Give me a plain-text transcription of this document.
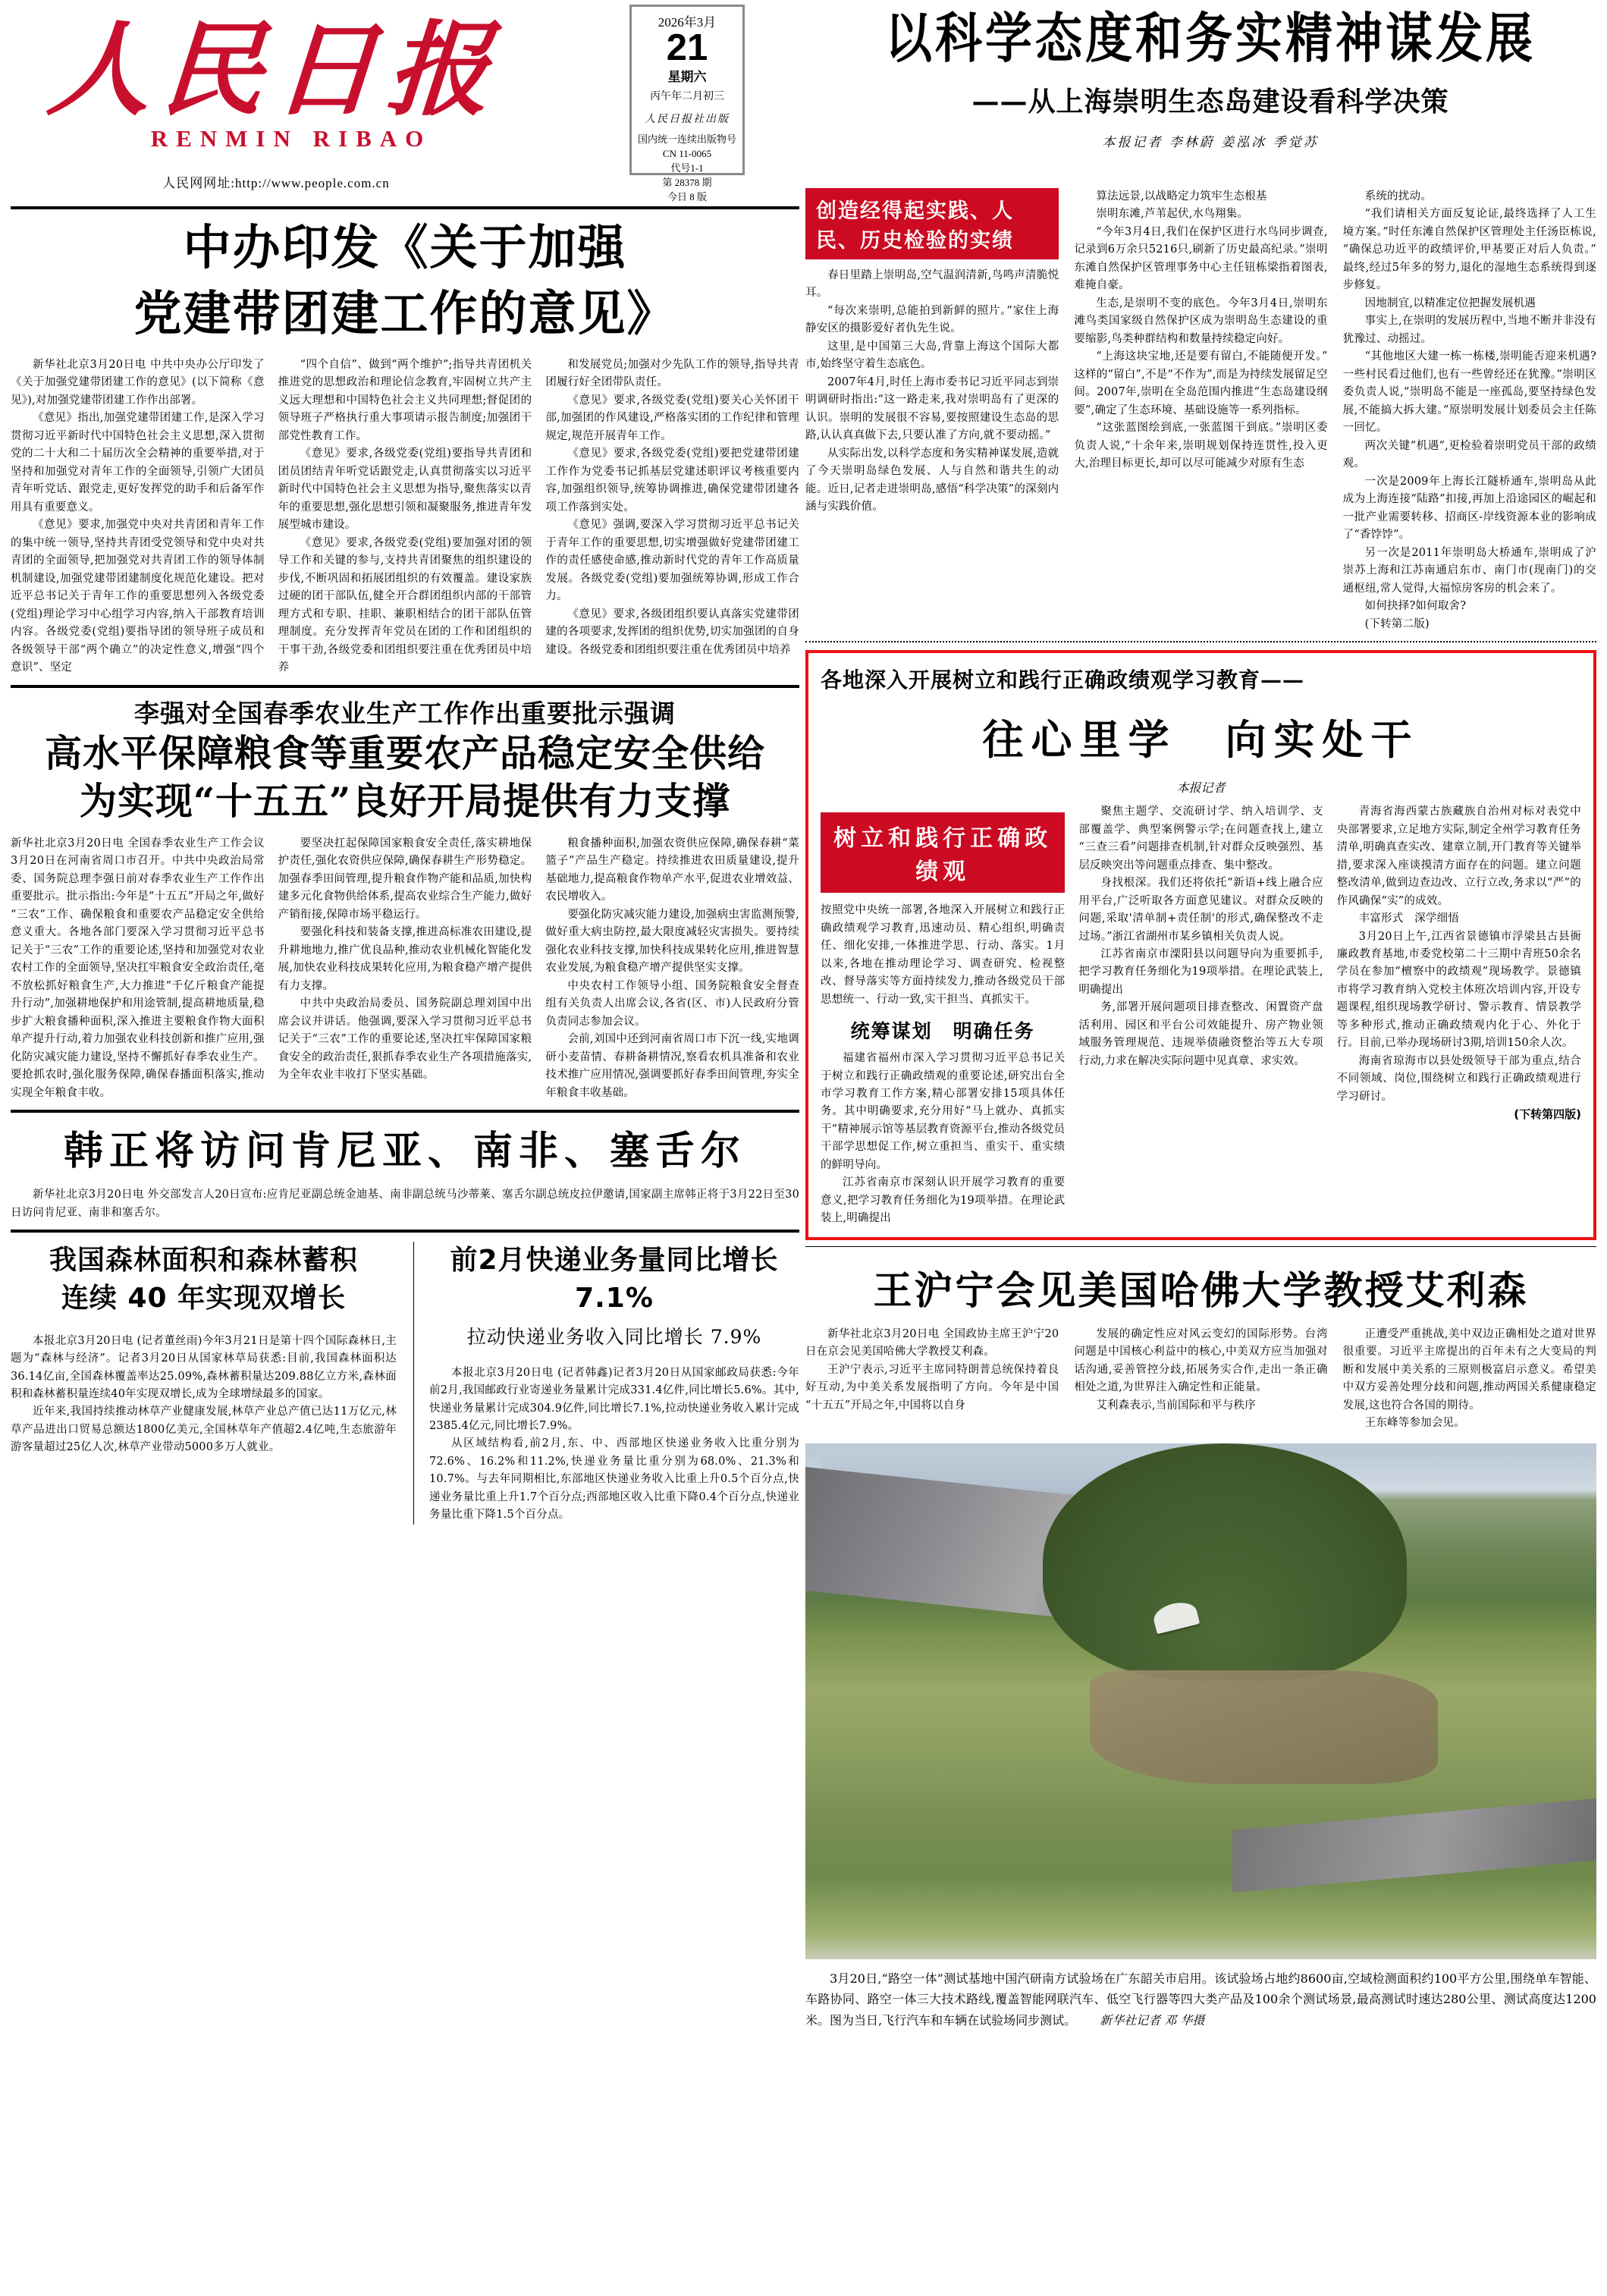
人民日报
RENMIN RIBAO
人民网网址:http://www.people.com.cn
2026年3月
21
星期六
丙午年二月初三
人民日报社出版
国内统一连续出版物号
CN 11-0065
代号1-1
第 28378 期
今日 8 版
以科学态度和务实精神谋发展
——从上海崇明生态岛建设看科学决策
本报记者 李林蔚 姜泓冰 季觉苏
中办印发《关于加强
党建带团建工作的意见》

新华社北京3月20日电 中共中央办公厅印发了《关于加强党建带团建工作的意见》(以下简称《意见》),对加强党建带团建工作作出部署。

《意见》指出,加强党建带团建工作,是深入学习贯彻习近平新时代中国特色社会主义思想,深入贯彻党的二十大和二十届历次全会精神的重要举措,对于坚持和加强党对青年工作的全面领导,引领广大团员青年听党话、跟党走,更好发挥党的助手和后备军作用具有重要意义。

《意见》要求,加强党中央对共青团和青年工作的集中统一领导,坚持共青团受党领导和党中央对共青团的全面领导,把加强党对共青团工作的领导体制机制建设,加强党建带团建制度化规范化建设。把对近平总书记关于青年工作的重要思想列入各级党委(党组)理论学习中心组学习内容,纳入干部教育培训内容。各级党委(党组)要指导团的领导班子成员和各级领导干部“两个确立”的决定性意义,增强“四个意识”、坚定

“四个自信”、做到“两个维护”;指导共青团机关推进党的思想政治和理论信念教育,牢固树立共产主义远大理想和中国特色社会主义共同理想;督促团的领导班子严格执行重大事项请示报告制度;加强团干部党性教育工作。

《意见》要求,各级党委(党组)要指导共青团和团员团结青年听党话跟党走,认真贯彻落实以习近平新时代中国特色社会主义思想为指导,聚焦落实以青年的重要思想,强化思想引领和凝聚服务,推进青年发展型城市建设。

《意见》要求,各级党委(党组)要加强对团的领导工作和关键的参与,支持共青团聚焦的组织建设的步伐,不断巩固和拓展团组织的有效覆盖。建设家族过硬的团干部队伍,健全开合群团组织内部的干部管理方式和专职、挂职、兼职相结合的团干部队伍管理制度。充分发挥青年党员在团的工作和团组织的干事干劲,各级党委和团组织要注重在优秀团员中培养

和发展党员;加强对少先队工作的领导,指导共青团履行好全团带队责任。

《意见》要求,各级党委(党组)要关心关怀团干部,加强团的作风建设,严格落实团的工作纪律和管理规定,规范开展青年工作。

《意见》要求,各级党委(党组)要把党建带团建工作作为党委书记抓基层党建述职评议考核重要内容,加强组织领导,统筹协调推进,确保党建带团建各项工作落到实处。

《意见》强调,要深入学习贯彻习近平总书记关于青年工作的重要思想,切实增强做好党建带团建工作的责任感使命感,推动新时代党的青年工作高质量发展。各级党委(党组)要加强统筹协调,形成工作合力。

《意见》要求,各级团组织要认真落实党建带团建的各项要求,发挥团的组织优势,切实加强团的自身建设。各级党委和团组织要注重在优秀团员中培养

李强对全国春季农业生产工作作出重要批示强调
高水平保障粮食等重要农产品稳定安全供给
为实现“十五五”良好开局提供有力支撑
新华社北京3月20日电 全国春季农业生产工作会议3月20日在河南省周口市召开。中共中央政治局常委、国务院总理李强日前对春季农业生产工作作出重要批示。批示指出:今年是“十五五”开局之年,做好“三农”工作、确保粮食和重要农产品稳定安全供给意义重大。各地各部门要深入学习贯彻习近平总书记关于“三农”工作的重要论述,坚持和加强党对农业农村工作的全面领导,坚决扛牢粮食安全政治责任,毫不放松抓好粮食生产,大力推进“千亿斤粮食产能提升行动”,加强耕地保护和用途管制,提高耕地质量,稳步扩大粮食播种面积,深入推进主要粮食作物大面积单产提升行动,着力加强农业科技创新和推广应用,强化防灾减灾能力建设,坚持不懈抓好春季农业生产。要抢抓农时,强化服务保障,确保春播面积落实,推动实现全年粮食丰收。

要坚决扛起保障国家粮食安全责任,落实耕地保护责任,强化农资供应保障,确保春耕生产形势稳定。加强春季田间管理,提升粮食作物产能和品质,加快构建多元化食物供给体系,提高农业综合生产能力,做好产销衔接,保障市场平稳运行。

要强化科技和装备支撑,推进高标准农田建设,提升耕地地力,推广优良品种,推动农业机械化智能化发展,加快农业科技成果转化应用,为粮食稳产增产提供有力支撑。

中共中央政治局委员、国务院副总理刘国中出席会议并讲话。他强调,要深入学习贯彻习近平总书记关于“三农”工作的重要论述,坚决扛牢保障国家粮食安全的政治责任,狠抓春季农业生产各项措施落实,为全年农业丰收打下坚实基础。

粮食播种面积,加强农资供应保障,确保春耕“菜篮子”产品生产稳定。持续推进农田质量建设,提升基础地力,提高粮食作物单产水平,促进农业增效益、农民增收入。

要强化防灾减灾能力建设,加强病虫害监测预警,做好重大病虫防控,最大限度减轻灾害损失。要持续强化农业科技支撑,加快科技成果转化应用,推进智慧农业发展,为粮食稳产增产提供坚实支撑。

中央农村工作领导小组、国务院粮食安全督查组有关负责人出席会议,各省(区、市)人民政府分管负责同志参加会议。

会前,刘国中还到河南省周口市下沉一线,实地调研小麦苗情、春耕备耕情况,察看农机具准备和农业技术推广应用情况,强调要抓好春季田间管理,夯实全年粮食丰收基础。

韩正将访问肯尼亚、南非、塞舌尔
新华社北京3月20日电 外交部发言人20日宣布:应肯尼亚副总统金迪基、南非副总统马沙蒂莱、塞舌尔副总统皮拉伊邀请,国家副主席韩正将于3月22日至30日访问肯尼亚、南非和塞舌尔。
我国森林面积和森林蓄积
连续 40 年实现双增长

本报北京3月20日电 (记者董丝雨)今年3月21日是第十四个国际森林日,主题为“森林与经济”。记者3月20日从国家林草局获悉:目前,我国森林面积达36.14亿亩,全国森林覆盖率达25.09%,森林蓄积量达209.88亿立方米,森林面积和森林蓄积量连续40年实现双增长,成为全球增绿最多的国家。

近年来,我国持续推动林草产业健康发展,林草产业总产值已达11万亿元,林草产品进出口贸易总额达1800亿美元,全国林草年产值超2.4亿吨,生态旅游年游客量超过25亿人次,林草产业带动5000多万人就业。

前2月快递业务量同比增长7.1%
拉动快递业务收入同比增长 7.9%

本报北京3月20日电 (记者韩鑫)记者3月20日从国家邮政局获悉:今年前2月,我国邮政行业寄递业务量累计完成331.4亿件,同比增长5.6%。其中,快递业务量累计完成304.9亿件,同比增长7.1%,拉动快递业务收入累计完成2385.4亿元,同比增长7.9%。

从区域结构看,前2月,东、中、西部地区快递业务收入比重分别为72.6%、16.2%和11.2%,快递业务量比重分别为68.0%、21.3%和10.7%。与去年同期相比,东部地区快递业务收入比重上升0.5个百分点,快递业务量比重上升1.7个百分点;西部地区收入比重下降0.4个百分点,快递业务量比重下降1.5个百分点。

创造经得起实践、人民、历史检验的实绩

春日里踏上崇明岛,空气温润清新,鸟鸣声清脆悦耳。

“每次来崇明,总能拍到新鲜的照片。”家住上海静安区的摄影爱好者仇先生说。

这里,是中国第三大岛,背靠上海这个国际大都市,始终坚守着生态底色。

2007年4月,时任上海市委书记习近平同志到崇明调研时指出:“这一路走来,我对崇明岛有了更深的认识。崇明的发展很不容易,要按照建设生态岛的思路,认认真真做下去,只要认准了方向,就不要动摇。”

从实际出发,以科学态度和务实精神谋发展,造就了今天崇明岛绿色发展、人与自然和谐共生的动能。近日,记者走进崇明岛,感悟“科学决策”的深刻内涵与实践价值。

算法远景,以战略定力筑牢生态根基

崇明东滩,芦苇起伏,水鸟翔集。

“今年3月4日,我们在保护区进行水鸟同步调查,记录到6万余只5216只,刷新了历史最高纪录。”崇明东滩自然保护区管理事务中心主任钮栋梁指着图表,难掩自豪。

生态,是崇明不变的底色。今年3月4日,崇明东滩鸟类国家级自然保护区成为崇明岛生态建设的重要缩影,鸟类种群结构和数量持续稳定向好。

“上海这块宝地,还是要有留白,不能随便开发。”这样的“留白”,不是“不作为”,而是为持续发展留足空间。2007年,崇明在全岛范围内推进“生态岛建设纲要”,确定了生态环境、基础设施等一系列指标。

“这张蓝图绘到底,一张蓝图干到底。”崇明区委负责人说,“十余年来,崇明规划保持连贯性,投入更大,治理目标更长,却可以尽可能减少对原有生态

系统的扰动。

“我们请相关方面反复论证,最终选择了人工生境方案。”时任东滩自然保护区管理处主任汤臣栋说,“确保总功近平的政绩评价,甲基要正对后人负责。”最终,经过5年多的努力,退化的湿地生态系统得到逐步修复。

因地制宜,以精准定位把握发展机遇

事实上,在崇明的发展历程中,当地不断并非没有犹豫过、动摇过。

“其他地区大建一栋一栋楼,崇明能否迎来机遇?一些村民看过他们,也有一些曾经还在犹豫。”崇明区委负责人说,“崇明岛不能是一座孤岛,要坚持绿色发展,不能搞大拆大建。”原崇明发展计划委员会主任陈一回忆。

两次关键“机遇”,更检验着崇明党员干部的政绩观。

一次是2009年上海长江隧桥通车,崇明岛从此成为上海连接“陆路”扣接,再加上沿途园区的崛起和一批产业需要转移、招商区-岸线资源本业的影响成了“香饽饽”。

另一次是2011年崇明岛大桥通车,崇明成了沪崇苏上海和江苏南通启东市、南门市(现南门)的交通枢纽,常人觉得,大福惊房客房的机会来了。

如何抉择?如何取舍?

(下转第二版)

各地深入开展树立和践行正确政绩观学习教育——
往心里学　向实处干
本报记者
树立和践行正确政绩观
按照党中央统一部署,各地深入开展树立和践行正确政绩观学习教育,迅速动员、精心组织,明确责任、细化安排,一体推进学思、行动、落实。1月以来,各地在推动理论学习、调查研究、检视整改、督导落实等方面持续发力,推动各级党员干部思想统一、行动一致,实干担当、真抓实干。
统筹谋划　明确任务

福建省福州市深入学习贯彻习近平总书记关于树立和践行正确政绩观的重要论述,研究出台全市学习教育工作方案,精心部署安排15项具体任务。其中明确要求,充分用好“马上就办、真抓实干”精神展示馆等基层教育资源平台,推动各级党员干部学思想促工作,树立重担当、重实干、重实绩的鲜明导向。

江苏省南京市深刻认识开展学习教育的重要意义,把学习教育任务细化为19项举措。在理论武装上,明确提出

聚焦主题学、交流研讨学、纳入培训学、支部覆盖学、典型案例警示学;在问题查找上,建立“三查三看”问题排查机制,针对群众反映强烈、基层反映突出等问题重点排查、集中整改。

身找根深。我们还将依托“新语+线上融合应用平台,广泛听取各方面意见建议。对群众反映的问题,采取'清单制+责任制'的形式,确保整改不走过场。”浙江省湖州市某乡镇相关负责人说。

江苏省南京市溧阳县以问题导向为重要抓手,把学习教育任务细化为19项举措。在理论武装上,明确提出

务,部署开展问题项目排查整改、闲置资产盘活利用、园区和平台公司效能提升、房产物业领域服务管理规范、违规举债融资整治等五大专项行动,力求在解决实际问题中见真章、求实效。

青海省海西蒙古族藏族自治州对标对表党中央部署要求,立足地方实际,制定全州学习教育任务清单,明确真查实改、建章立制,开门教育等关键举措,要求深入座谈摸清方面存在的问题。建立问题整改清单,做到边查边改、立行立改,务求以“严”的作风确保“实”的成效。

丰富形式　深学细悟

3月20日上午,江西省景德镇市浮梁县古县衙廉政教育基地,市委党校第二十三期中青班50余名学员在参加“檀察中的政绩观”现场教学。景德镇市将学习教育纳入党校主体班次培训内容,开设专题课程,组织现场教学研讨、警示教育、情景教学等多种形式,推动正确政绩观内化于心、外化于行。目前,已举办现场研讨3期,培训150余人次。

海南省琼海市以县处级领导干部为重点,结合不同领域、岗位,围绕树立和践行正确政绩观进行学习研讨。

(下转第四版)
王沪宁会见美国哈佛大学教授艾利森

新华社北京3月20日电 全国政协主席王沪宁20日在京会见美国哈佛大学教授艾利森。

王沪宁表示,习近平主席同特朗普总统保持着良好互动,为中美关系发展指明了方向。今年是中国“十五五”开局之年,中国将以自身

发展的确定性应对风云变幻的国际形势。台湾问题是中国核心利益中的核心,中美双方应当加强对话沟通,妥善管控分歧,拓展务实合作,走出一条正确相处之道,为世界注入确定性和正能量。

艾利森表示,当前国际和平与秩序

正遭受严重挑战,美中双边正确相处之道对世界很重要。习近平主席提出的百年未有之大变局的判断和发展中美关系的三原则极富启示意义。希望美中双方妥善处理分歧和问题,推动两国关系健康稳定发展,这也符合各国的期待。

王东峰等参加会见。

3月20日,“路空一体”测试基地中国汽研南方试验场在广东韶关市启用。该试验场占地约8600亩,空域检测面积约100平方公里,围绕单车智能、车路协同、路空一体三大技术路线,覆盖智能网联汽车、低空飞行器等四大类产品及100余个测试场景,最高测试时速达280公里、测试高度达1200米。图为当日,飞行汽车和车辆在试验场同步测试。 新华社记者 邓 华摄
